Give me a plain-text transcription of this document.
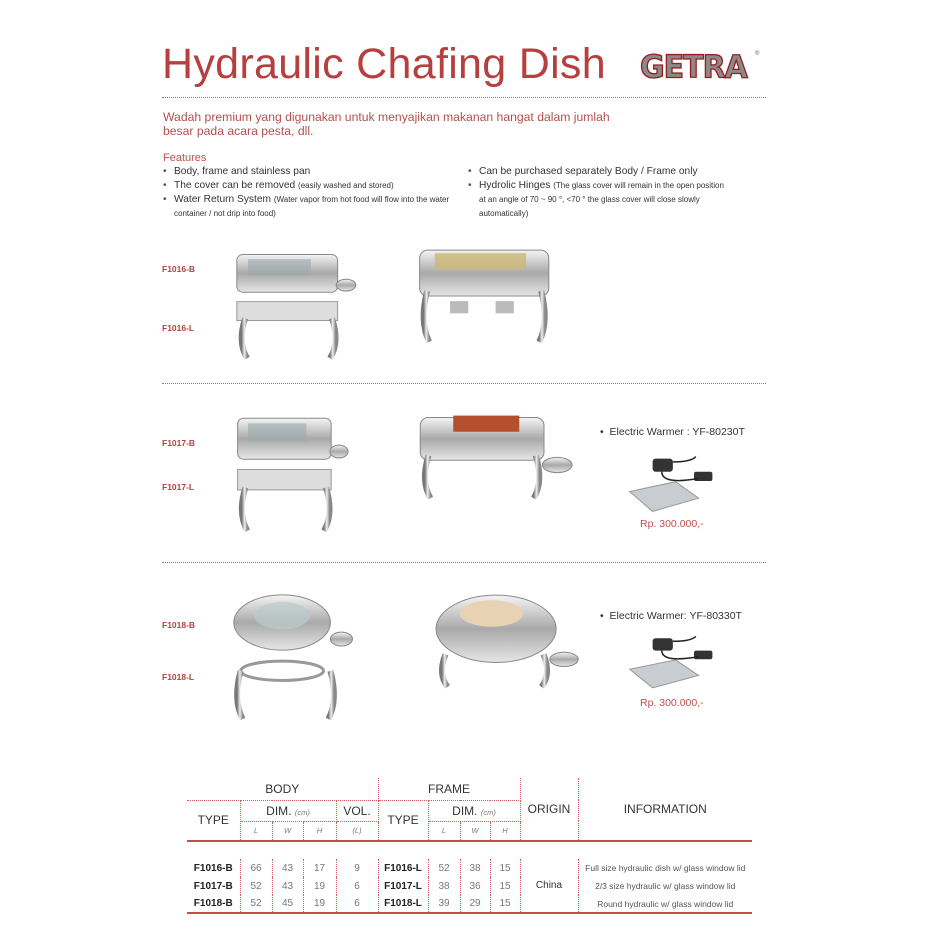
Hydraulic Chafing Dish GETRA ®
Wadah premium yang digunakan untuk menyajikan makanan hangat dalam jumlah besar pada acara pesta, dll.
Features
• Body, frame and stainless pan
• The cover can be removed (easily washed and stored)
• Water Return System (Water vapor from hot food will flow into the water container / not drip into food)
• Can be purchased separately Body / Frame only
• Hydrolic Hinges (The glass cover will remain in the open position at an angle of 70 ~ 90 °, <70 ° the glass cover will close slowly automatically)
F1016-B
F1016-L
F1017-B
F1017-L
•  Electric Warmer : YF-80230T
Rp. 300.000,-
F1018-B
F1018-L
•  Electric Warmer: YF-80330T
Rp. 300.000,-
BODY					FRAME				ORIGIN	INFORMATION
TYPE	DIM. (cm)			VOL.	TYPE	DIM. (cm)				
	L	W	H	(L)		L	W	H		

F1016-B	66	43	17	9	F1016-L	52	38	15	China	Full size hydraulic dish w/ glass window lid
F1017-B	52	43	19	6	F1017-L	38	36	15		2/3 size hydraulic w/ glass window lid
F1018-B	52	45	19	6	F1018-L	39	29	15		Round hydraulic w/ glass window lid
